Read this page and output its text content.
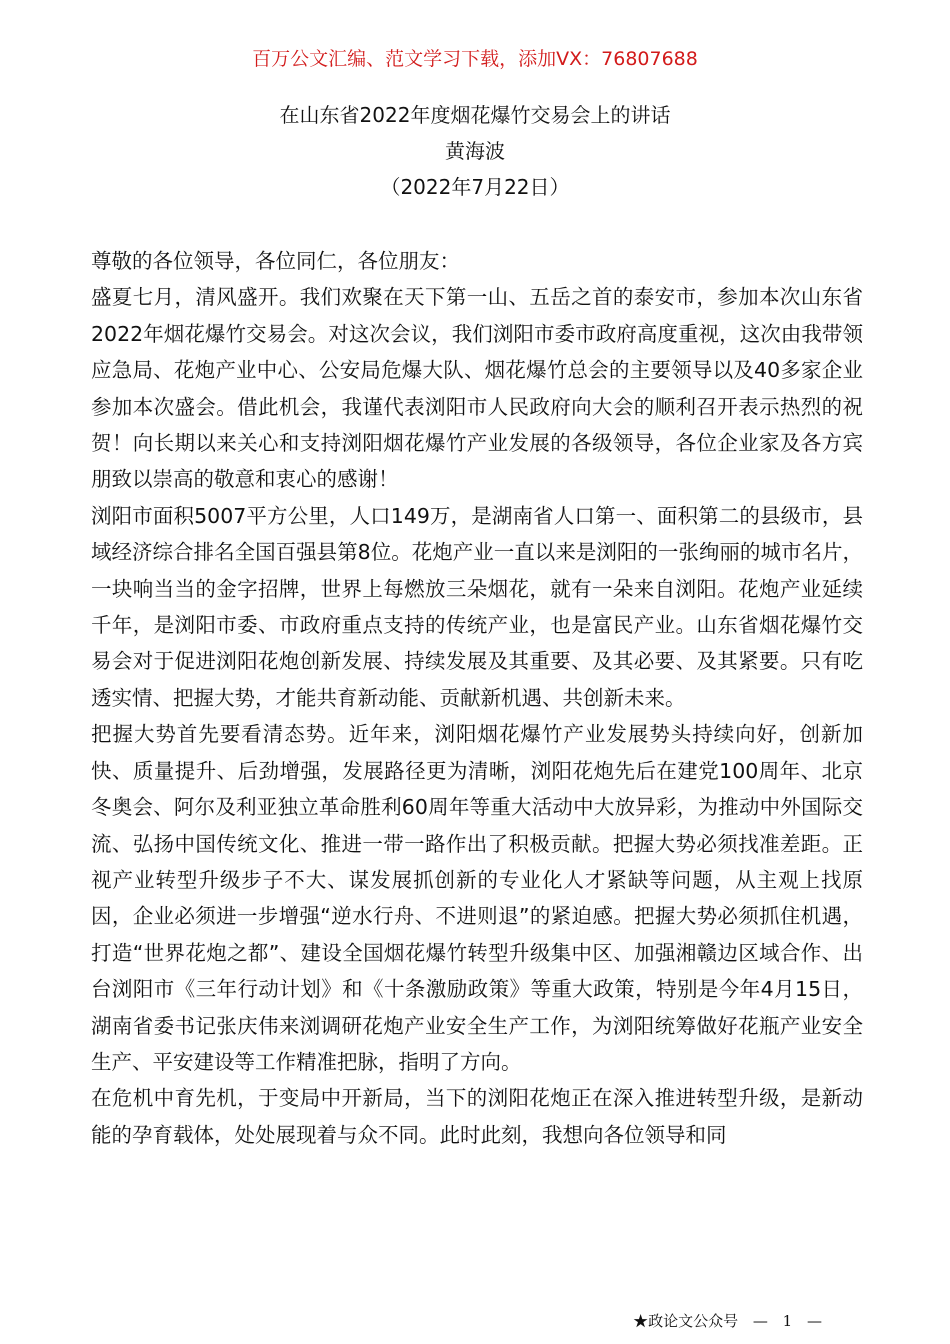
百万公文汇编、范文学习下载，添加VX：76807688
在山东省2022年度烟花爆竹交易会上的讲话
黄海波
（2022年7月22日）

尊敬的各位领导，各位同仁，各位朋友：

盛夏七月，清风盛开。我们欢聚在天下第一山、五岳之首的泰安市，参加本次山东省2022年烟花爆竹交易会。对这次会议，我们浏阳市委市政府高度重视，这次由我带领应急局、花炮产业中心、公安局危爆大队、烟花爆竹总会的主要领导以及40多家企业参加本次盛会。借此机会，我谨代表浏阳市人民政府向大会的顺利召开表示热烈的祝贺！向长期以来关心和支持浏阳烟花爆竹产业发展的各级领导，各位企业家及各方宾朋致以崇高的敬意和衷心的感谢！

浏阳市面积5007平方公里，人口149万，是湖南省人口第一、面积第二的县级市，县域经济综合排名全国百强县第8位。花炮产业一直以来是浏阳的一张绚丽的城市名片，一块响当当的金字招牌，世界上每燃放三朵烟花，就有一朵来自浏阳。花炮产业延续千年，是浏阳市委、市政府重点支持的传统产业，也是富民产业。山东省烟花爆竹交易会对于促进浏阳花炮创新发展、持续发展及其重要、及其必要、及其紧要。只有吃透实情、把握大势，才能共育新动能、贡献新机遇、共创新未来。

把握大势首先要看清态势。近年来，浏阳烟花爆竹产业发展势头持续向好，创新加快、质量提升、后劲增强，发展路径更为清晰，浏阳花炮先后在建党100周年、北京冬奥会、阿尔及利亚独立革命胜利60周年等重大活动中大放异彩，为推动中外国际交流、弘扬中国传统文化、推进一带一路作出了积极贡献。把握大势必须找准差距。正视产业转型升级步子不大、谋发展抓创新的专业化人才紧缺等问题，从主观上找原因，企业必须进一步增强“逆水行舟、不进则退”的紧迫感。把握大势必须抓住机遇，打造“世界花炮之都”、建设全国烟花爆竹转型升级集中区、加强湘赣边区域合作、出台浏阳市《三年行动计划》和《十条激励政策》等重大政策，特别是今年4月15日，湖南省委书记张庆伟来浏调研花炮产业安全生产工作，为浏阳统筹做好花瓶产业安全生产、平安建设等工作精准把脉，指明了方向。

在危机中育先机，于变局中开新局，当下的浏阳花炮正在深入推进转型升级，是新动能的孕育载体，处处展现着与众不同。此时此刻，我想向各位领导和同

★政论文公众号 — 1 —
